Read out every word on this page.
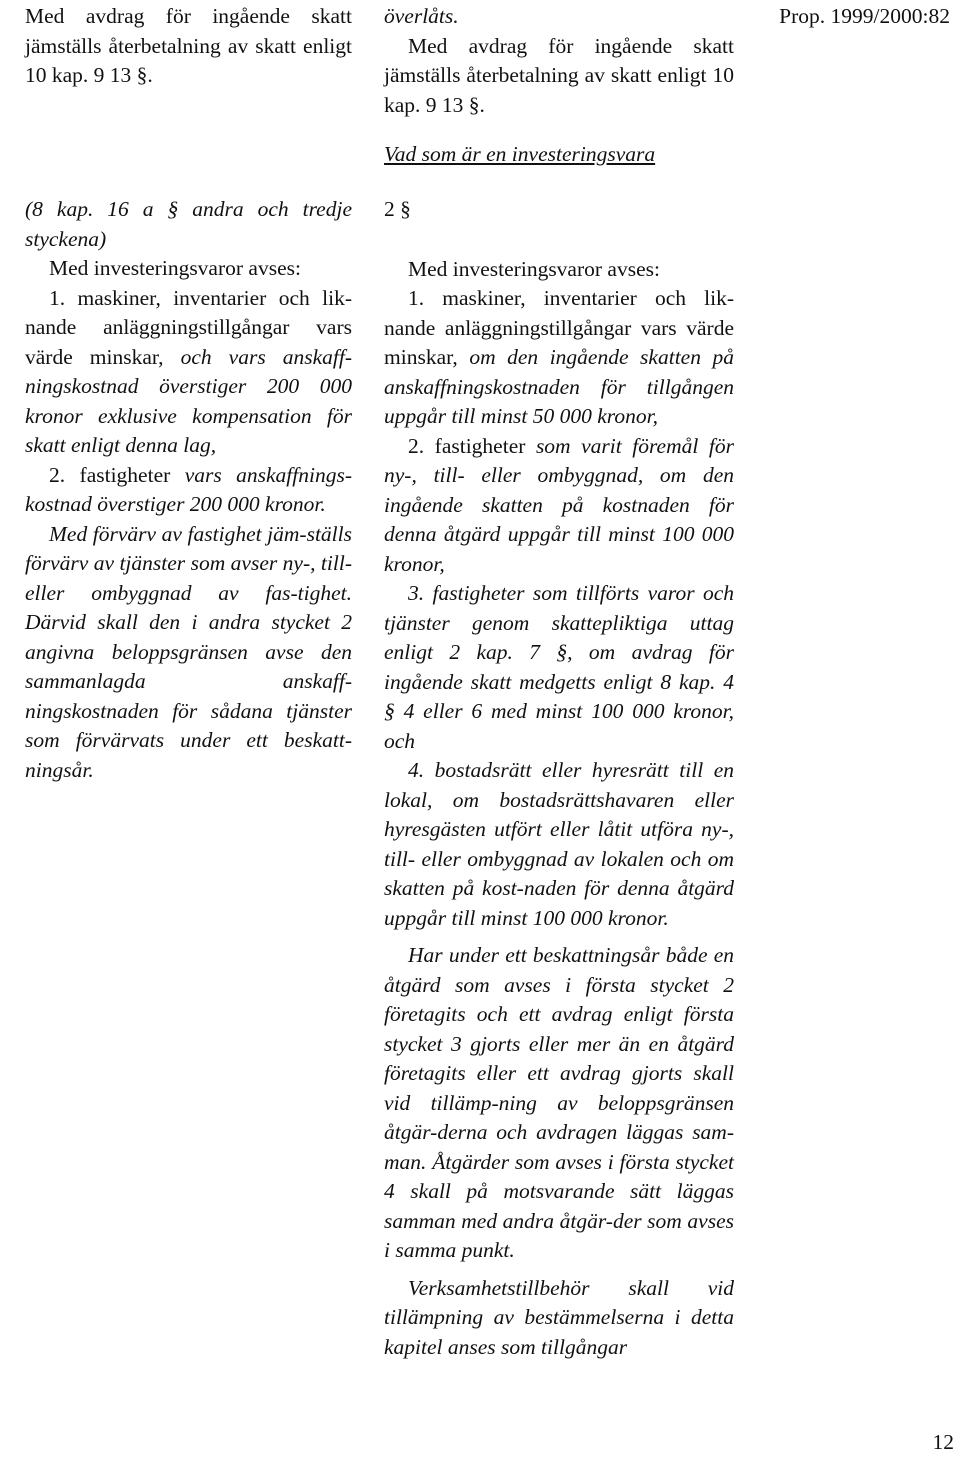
Prop. 1999/2000:82

Med avdrag för ingående skatt jämställs återbetalning av skatt enligt 10 kap. 9 13 §.

(8 kap. 16 a § andra och tredje styckena)

Med investeringsvaror avses:

1. maskiner, inventarier och lik-nande anläggningstillgångar vars värde minskar, och vars anskaff-ningskostnad överstiger 200 000 kronor exklusive kompensation för skatt enligt denna lag,

2. fastigheter vars anskaffnings-kostnad överstiger 200 000 kronor.

Med förvärv av fastighet jäm-ställs förvärv av tjänster som avser ny-, till- eller ombyggnad av fas-tighet. Därvid skall den i andra stycket 2 angivna beloppsgränsen avse den sammanlagda anskaff-ningskostnaden för sådana tjänster som förvärvats under ett beskatt-ningsår.

överlåts.

Med avdrag för ingående skatt jämställs återbetalning av skatt enligt 10 kap. 9 13 §.

Vad som är en investeringsvara

2 §

Med investeringsvaror avses:

1. maskiner, inventarier och lik-nande anläggningstillgångar vars värde minskar, om den ingående skatten på anskaffningskostnaden för tillgången uppgår till minst 50 000 kronor,

2. fastigheter som varit föremål för ny-, till- eller ombyggnad, om den ingående skatten på kostnaden för denna åtgärd uppgår till minst 100 000 kronor,

3. fastigheter som tillförts varor och tjänster genom skattepliktiga uttag enligt 2 kap. 7 §, om avdrag för ingående skatt medgetts enligt 8 kap. 4 § 4 eller 6 med minst 100 000 kronor, och

4. bostadsrätt eller hyresrätt till en lokal, om bostadsrättshavaren eller hyresgästen utfört eller låtit utföra ny-, till- eller ombyggnad av lokalen och om skatten på kost-naden för denna åtgärd uppgår till minst 100 000 kronor.

Har under ett beskattningsår både en åtgärd som avses i första stycket 2 företagits och ett avdrag enligt första stycket 3 gjorts eller mer än en åtgärd företagits eller ett avdrag gjorts skall vid tillämp-ning av beloppsgränsen åtgär-derna och avdragen läggas sam-man. Åtgärder som avses i första stycket 4 skall på motsvarande sätt läggas samman med andra åtgär-der som avses i samma punkt.

Verksamhetstillbehör skall vid tillämpning av bestämmelserna i detta kapitel anses som tillgångar

12
